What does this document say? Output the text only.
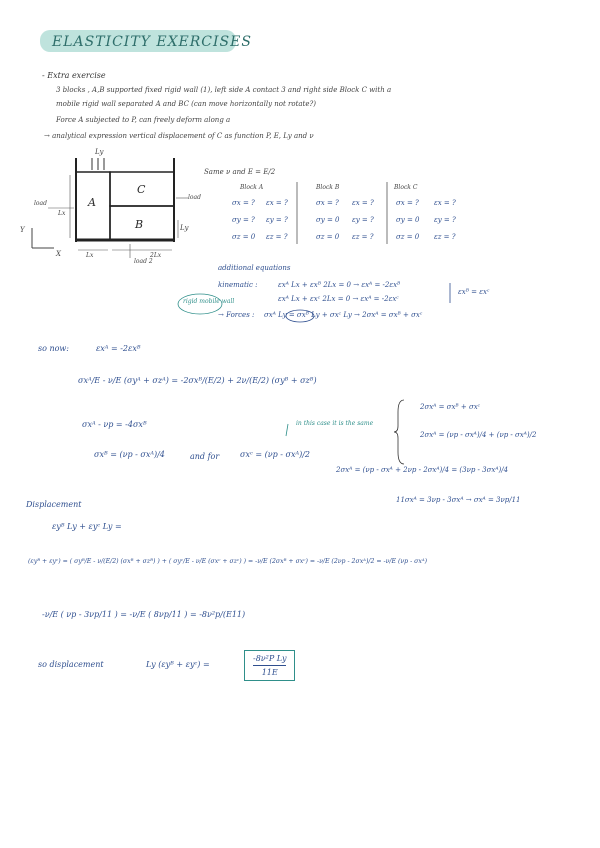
ELASTICITY EXERCISES
- Extra exercise
3 blocks , A,B supported fixed rigid wall (1), left side A contact 3 and right side Block C with a
mobile rigid wall separated A and BC (can move horizontally not rotate?)
Force A subjected to P, can freely deform along a
→ analytical expression vertical displacement of C as function P, E, Ly and ν
Ly
A
B
C
Lx
Lx	2Lx
load
load
Ly
load 2
Y
X
Same ν and E = E/2
Block A	Block B	Block C
σx = ? εx = ?	σx = ? εx = ?	σx = ? εx = ?
σy = ? εy = ?	σy = 0 εy = ?	σy = 0 εy = ?
σz = 0 εz = ?	σz = 0 εz = ?	σz = 0 εz = ?
additional equations
kinematic :	εxᴬ Lx + εxᴮ 2Lx = 0 → εxᴬ = -2εxᴮ
εxᴬ Lx + εxᶜ 2Lx = 0 → εxᴬ = -2εxᶜ
εxᴮ = εxᶜ
rigid mobile wall
→ Forces : σxᴬ Ly = σxᴮ Ly + σxᶜ Ly → 2σxᴬ = σxᴮ + σxᶜ
so now:	εxᴬ = -2εxᴮ
σxᴬ/E - ν/E (σyᴬ + σzᴬ) = -2σxᴮ/(E/2) + 2ν/(E/2) (σyᴮ + σzᴮ)
σxᴬ - νp = -4σxᴮ
σxᴮ = (νp - σxᴬ)/4	and for	σxᶜ = (νp - σxᴬ)/2
in this case it is the same
2σxᴬ = σxᴮ + σxᶜ
2σxᴬ = (νp - σxᴬ)/4 + (νp - σxᴬ)/2
2σxᴬ = (νp - σxᴬ + 2νp - 2σxᴬ)/4 = (3νp - 3σxᴬ)/4
11σxᴬ = 3νp - 3σxᴬ → σxᴬ = 3νp/11
Displacement
εyᴮ Ly + εyᶜ Ly =
(εyᴮ + εyᶜ) = ( σyᴮ/E - ν/(E/2) (σxᴮ + σzᴮ) ) + ( σyᶜ/E - ν/E (σxᶜ + σzᶜ) ) = -ν/E (2σxᴮ + σxᶜ) = -ν/E (2νp - 2σxᴬ)/2 = -ν/E (νp - σxᴬ)
-ν/E ( νp - 3νp/11 ) = -ν/E ( 8νp/11 ) = -8ν²p/(E11)
so displacement	Ly (εyᴮ + εyᶜ) =	$\frac{\text{-8ν²P Ly}}{11E}$
